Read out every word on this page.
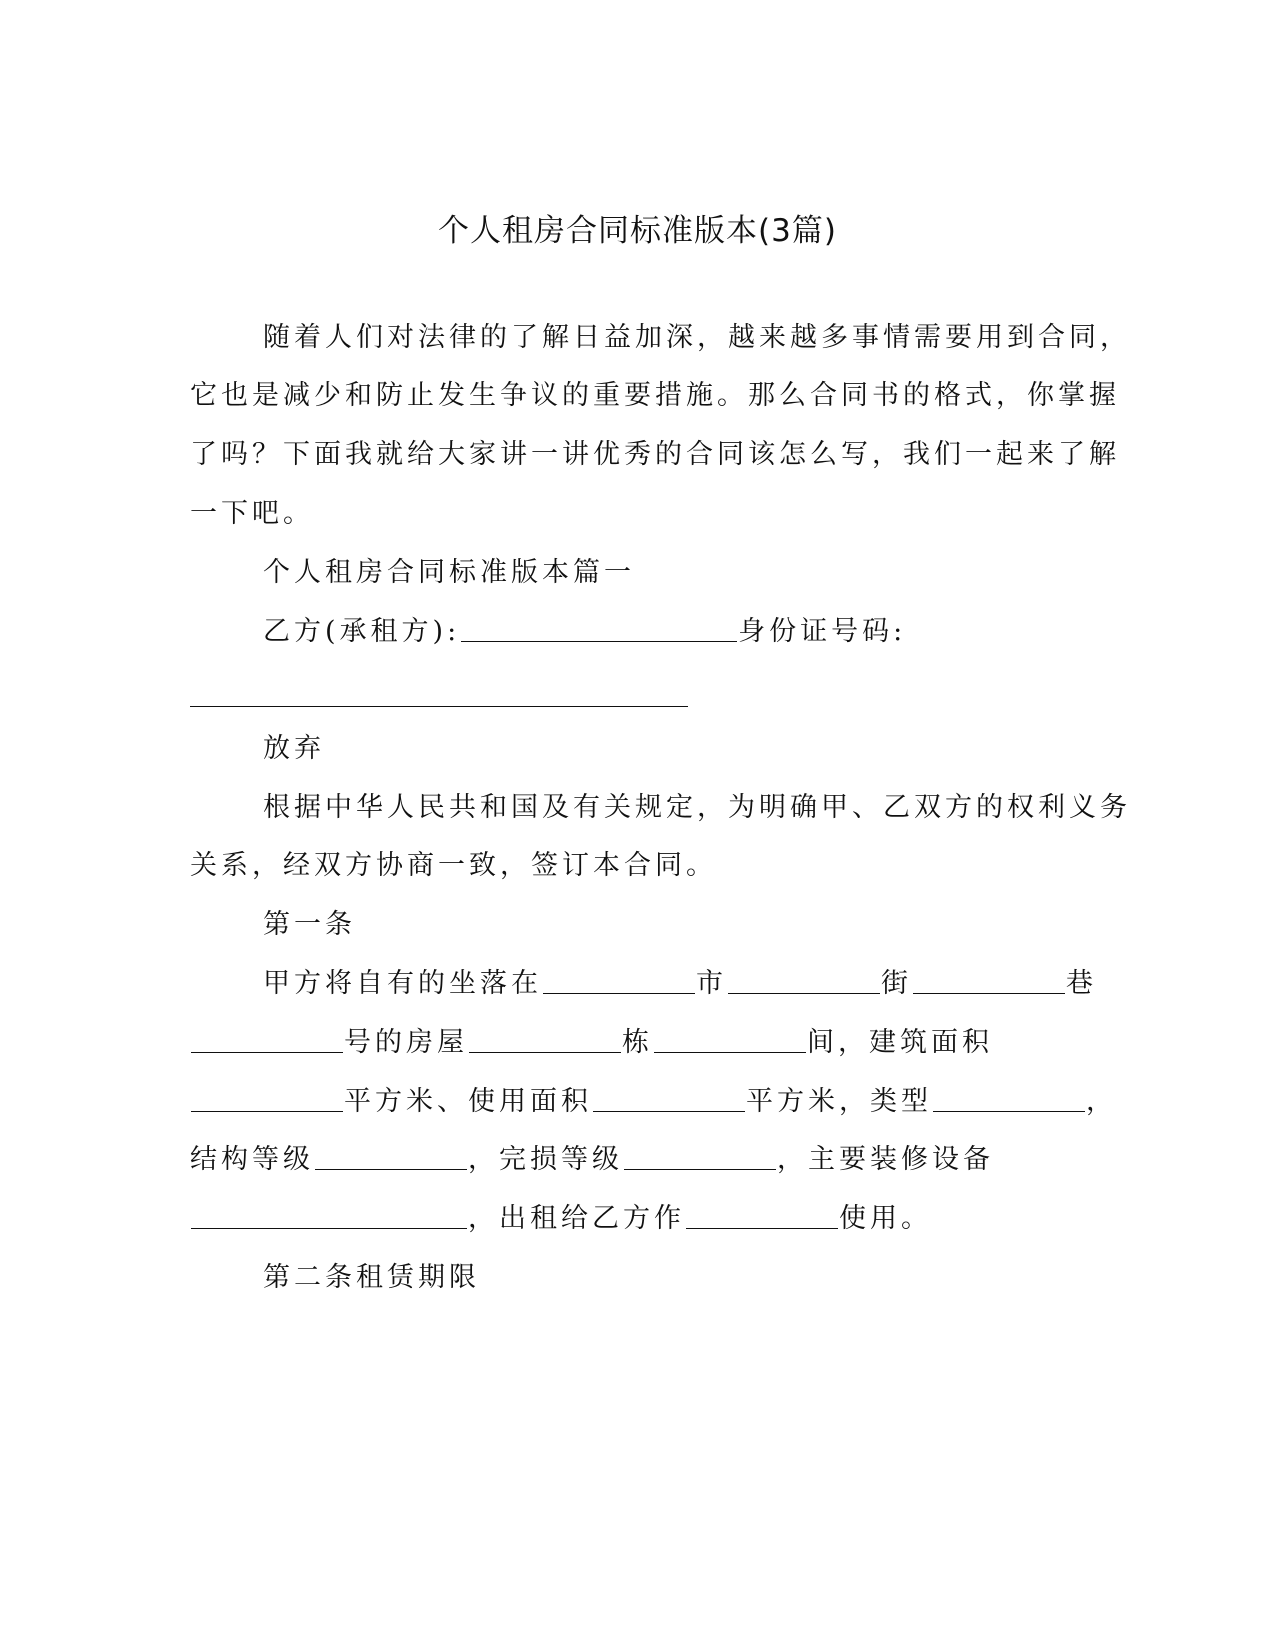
个人租房合同标准版本(3篇)
随着人们对法律的了解日益加深，越来越多事情需要用到合同，
它也是减少和防止发生争议的重要措施。那么合同书的格式，你掌握
了吗？下面我就给大家讲一讲优秀的合同该怎么写，我们一起来了解
一下吧。
个人租房合同标准版本篇一
乙方(承租方):	身份证号码:
放弃
根据中华人民共和国及有关规定，为明确甲、乙双方的权利义务
关系，经双方协商一致，签订本合同。
第一条
甲方将自有的坐落在	市	街	巷
号的房屋	栋	间，建筑面积
平方米、使用面积	平方米，类型	，
结构等级	，完损等级	，主要装修设备
，出租给乙方作	使用。
第二条租赁期限
